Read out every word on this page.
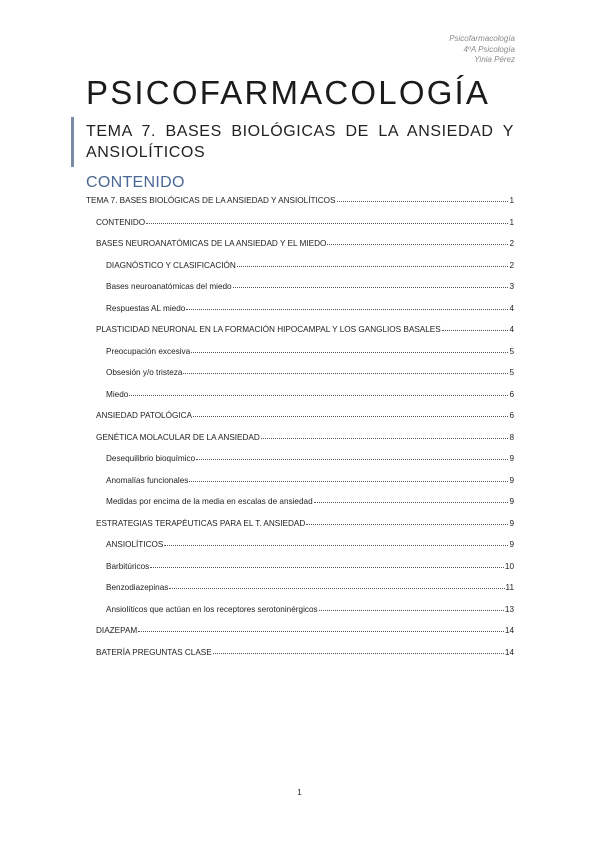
Psicofarmacología
4ºA Psicología
Yinia Pérez
PSICOFARMACOLOGÍA
TEMA 7. BASES BIOLÓGICAS DE LA ANSIEDAD Y ANSIOLÍTICOS
CONTENIDO
TEMA 7. BASES BIOLÓGICAS DE LA ANSIEDAD Y ANSIOLÍTICOS	1
CONTENIDO	1
BASES NEUROANATÓMICAS DE LA ANSIEDAD Y EL MIEDO	2
DIAGNÓSTICO Y CLASIFICACIÓN	2
Bases neuroanatómicas del miedo	3
Respuestas AL miedo	4
PLASTICIDAD NEURONAL EN LA FORMACIÓN HIPOCAMPAL Y LOS GANGLIOS BASALES	4
Preocupación excesiva	5
Obsesión y/o tristeza	5
Miedo	6
ANSIEDAD PATOLÓGICA	6
GENÉTICA MOLACULAR DE LA ANSIEDAD	8
Desequilibrio bioquímico	9
Anomalías funcionales	9
Medidas por encima de la media en escalas de ansiedad	9
ESTRATEGIAS TERAPÉUTICAS PARA EL T. ANSIEDAD	9
ANSIOLÍTICOS	9
Barbitúricos	10
Benzodiazepinas	11
Ansiolíticos que actúan en los receptores serotoninérgicos	13
DIAZEPAM	14
BATERÍA PREGUNTAS CLASE	14
1
